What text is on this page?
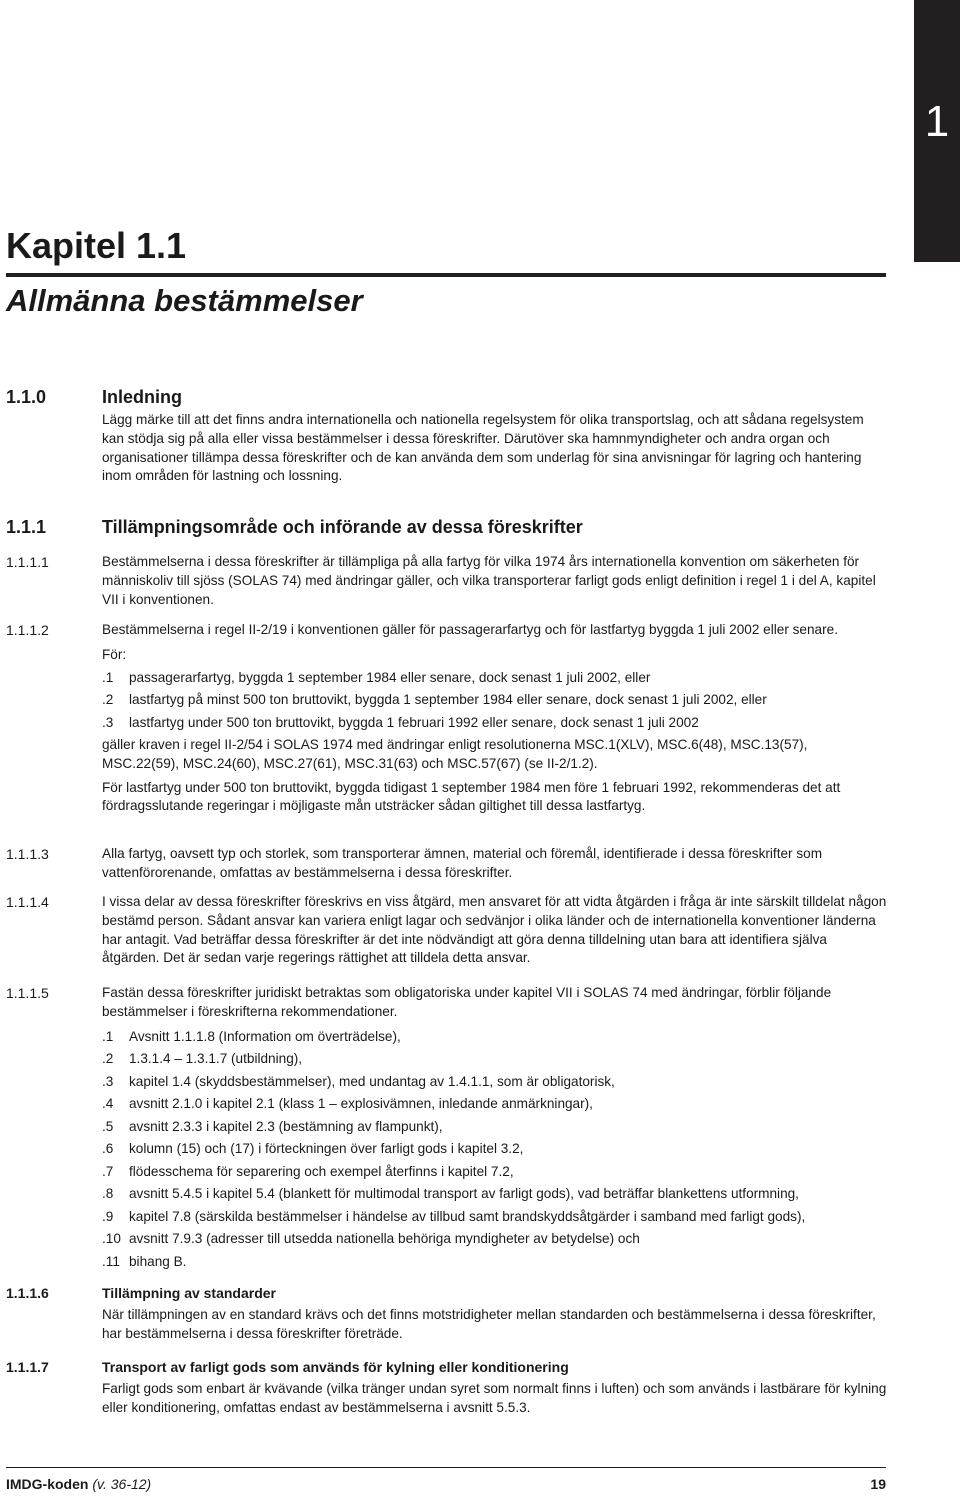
1
Kapitel 1.1
Allmänna bestämmelser
1.1.0	Inledning

Lägg märke till att det finns andra internationella och nationella regelsystem för olika transportslag, och att sådana regelsystem kan stödja sig på alla eller vissa bestämmelser i dessa föreskrifter. Därutöver ska hamnmyndigheter och andra organ och organisationer tillämpa dessa föreskrifter och de kan använda dem som underlag för sina anvisningar för lagring och hantering inom områden för lastning och lossning.

1.1.1	Tillämpningsområde och införande av dessa föreskrifter

1.1.1.1	Bestämmelserna i dessa föreskrifter är tillämpliga på alla fartyg för vilka 1974 års internationella konvention om säkerheten för människoliv till sjöss (SOLAS 74) med ändringar gäller, och vilka transporterar farligt gods enligt definition i regel 1 i del A, kapitel VII i konventionen.

1.1.1.2	Bestämmelserna i regel II-2/19 i konventionen gäller för passagerarfartyg och för lastfartyg byggda 1 juli 2002 eller senare.

För:

.1 passagerarfartyg, byggda 1 september 1984 eller senare, dock senast 1 juli 2002, eller
.2 lastfartyg på minst 500 ton bruttovikt, byggda 1 september 1984 eller senare, dock senast 1 juli 2002, eller
.3 lastfartyg under 500 ton bruttovikt, byggda 1 februari 1992 eller senare, dock senast 1 juli 2002

gäller kraven i regel II-2/54 i SOLAS 1974 med ändringar enligt resolutionerna MSC.1(XLV), MSC.6(48), MSC.13(57), MSC.22(59), MSC.24(60), MSC.27(61), MSC.31(63) och MSC.57(67) (se II-2/1.2).

För lastfartyg under 500 ton bruttovikt, byggda tidigast 1 september 1984 men före 1 februari 1992, rekommenderas det att fördragsslutande regeringar i möjligaste mån utsträcker sådan giltighet till dessa lastfartyg.

1.1.1.3	Alla fartyg, oavsett typ och storlek, som transporterar ämnen, material och föremål, identifierade i dessa föreskrifter som vattenförorenande, omfattas av bestämmelserna i dessa föreskrifter.

1.1.1.4	I vissa delar av dessa föreskrifter föreskrivs en viss åtgärd, men ansvaret för att vidta åtgärden i fråga är inte särskilt tilldelat någon bestämd person. Sådant ansvar kan variera enligt lagar och sedvänjor i olika länder och de internationella konventioner länderna har antagit. Vad beträffar dessa föreskrifter är det inte nödvändigt att göra denna tilldelning utan bara att identifiera själva åtgärden. Det är sedan varje regerings rättighet att tilldela detta ansvar.

1.1.1.5	Fastän dessa föreskrifter juridiskt betraktas som obligatoriska under kapitel VII i SOLAS 74 med ändringar, förblir följande bestämmelser i föreskrifterna rekommendationer.

.1 Avsnitt 1.1.1.8 (Information om överträdelse),
.2 1.3.1.4 – 1.3.1.7 (utbildning),
.3 kapitel 1.4 (skyddsbestämmelser), med undantag av 1.4.1.1, som är obligatorisk,
.4 avsnitt 2.1.0 i kapitel 2.1 (klass 1 – explosivämnen, inledande anmärkningar),
.5 avsnitt 2.3.3 i kapitel 2.3 (bestämning av flampunkt),
.6 kolumn (15) och (17) i förteckningen över farligt gods i kapitel 3.2,
.7 flödesschema för separering och exempel återfinns i kapitel 7.2,
.8 avsnitt 5.4.5 i kapitel 5.4 (blankett för multimodal transport av farligt gods), vad beträffar blankettens utformning,
.9 kapitel 7.8 (särskilda bestämmelser i händelse av tillbud samt brandskyddsåtgärder i samband med farligt gods),
.10 avsnitt 7.9.3 (adresser till utsedda nationella behöriga myndigheter av betydelse) och
.11 bihang B.
1.1.1.6	Tillämpning av standarder

När tillämpningen av en standard krävs och det finns motstridigheter mellan standarden och bestämmelserna i dessa föreskrifter, har bestämmelserna i dessa föreskrifter företräde.

1.1.1.7	Transport av farligt gods som används för kylning eller konditionering

Farligt gods som enbart är kvävande (vilka tränger undan syret som normalt finns i luften) och som används i lastbärare för kylning eller konditionering, omfattas endast av bestämmelserna i avsnitt 5.5.3.

IMDG-koden (v. 36-12)	19
